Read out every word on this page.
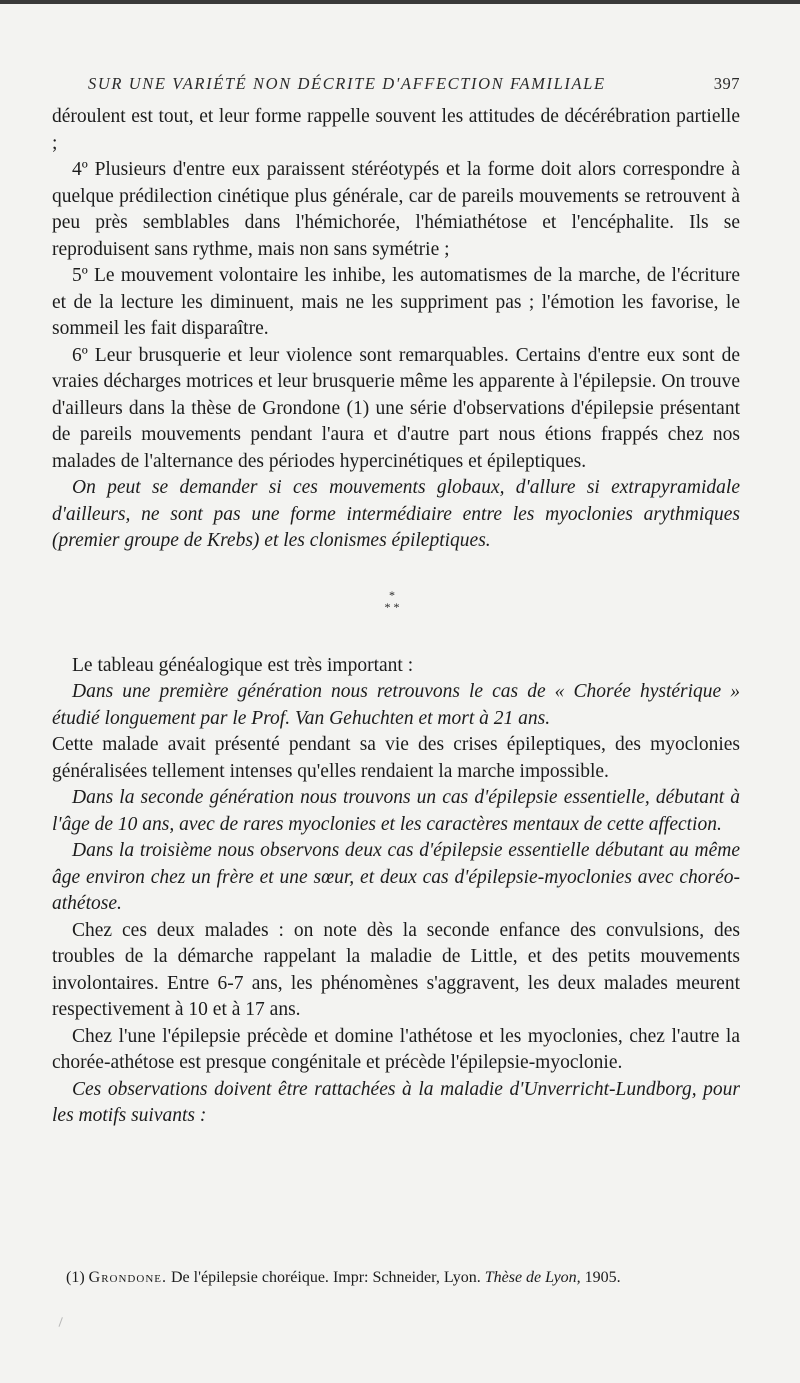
SUR UNE VARIÉTÉ NON DÉCRITE D'AFFECTION FAMILIALE	397

déroulent est tout, et leur forme rappelle souvent les attitudes de décérébration partielle ;

4º Plusieurs d'entre eux paraissent stéréotypés et la forme doit alors correspondre à quelque prédilection cinétique plus générale, car de pareils mouvements se retrouvent à peu près semblables dans l'hémichorée, l'hémiathétose et l'encéphalite. Ils se reproduisent sans rythme, mais non sans symétrie ;

5º Le mouvement volontaire les inhibe, les automatismes de la marche, de l'écriture et de la lecture les diminuent, mais ne les suppriment pas ; l'émotion les favorise, le sommeil les fait disparaître.

6º Leur brusquerie et leur violence sont remarquables. Certains d'entre eux sont de vraies décharges motrices et leur brusquerie même les apparente à l'épilepsie. On trouve d'ailleurs dans la thèse de Grondone (1) une série d'observations d'épilepsie présentant de pareils mouvements pendant l'aura et d'autre part nous étions frappés chez nos malades de l'alternance des périodes hypercinétiques et épileptiques.

On peut se demander si ces mouvements globaux, d'allure si extrapyramidale d'ailleurs, ne sont pas une forme intermédiaire entre les myoclonies arythmiques (premier groupe de Krebs) et les clonismes épileptiques.

*
* *

Le tableau généalogique est très important :

Dans une première génération nous retrouvons le cas de « Chorée hystérique » étudié longuement par le Prof. Van Gehuchten et mort à 21 ans.

Cette malade avait présenté pendant sa vie des crises épileptiques, des myoclonies généralisées tellement intenses qu'elles rendaient la marche impossible.

Dans la seconde génération nous trouvons un cas d'épilepsie essentielle, débutant à l'âge de 10 ans, avec de rares myoclonies et les caractères mentaux de cette affection.

Dans la troisième nous observons deux cas d'épilepsie essentielle débutant au même âge environ chez un frère et une sœur, et deux cas d'épilepsie-myoclonies avec choréo-athétose.

Chez ces deux malades : on note dès la seconde enfance des convulsions, des troubles de la démarche rappelant la maladie de Little, et des petits mouvements involontaires. Entre 6-7 ans, les phénomènes s'aggravent, les deux malades meurent respectivement à 10 et à 17 ans.

Chez l'une l'épilepsie précède et domine l'athétose et les myoclonies, chez l'autre la chorée-athétose est presque congénitale et précède l'épilepsie-myoclonie.

Ces observations doivent être rattachées à la maladie d'Unverricht-Lundborg, pour les motifs suivants :

(1) Grondone. De l'épilepsie choréique. Impr: Schneider, Lyon. Thèse de Lyon, 1905.
